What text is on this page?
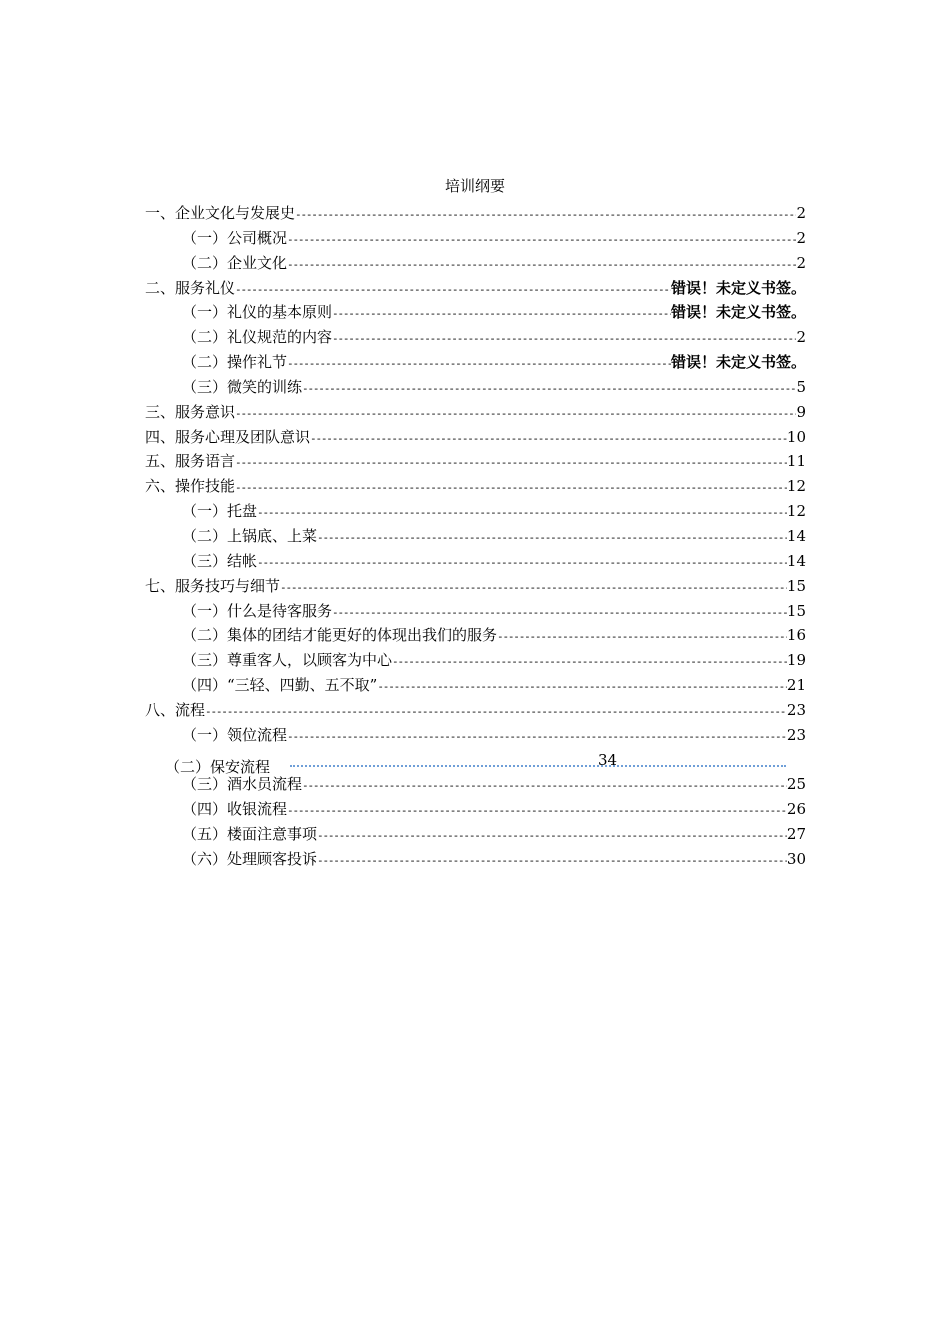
培训纲要
一、企业文化与发展史 -----	2
（一）公司概况 -----	2
（二）企业文化 -----	2
二、服务礼仪 -----	错误！未定义书签。
（一）礼仪的基本原则 -----	错误！未定义书签。
（二）礼仪规范的内容 -----	2
（二）操作礼节 -----	错误！未定义书签。
（三）微笑的训练 -----	5
三、服务意识 -----	9
四、服务心理及团队意识 -----	10
五、服务语言 -----	11
六、操作技能 -----	12
（一）托盘 -----	12
（二）上锅底、上菜 -----	14
（三）结帐 -----	14
七、服务技巧与细节 -----	15
（一）什么是待客服务 -----	15
（二）集体的团结才能更好的体现出我们的服务 -----	16
（三）尊重客人，以顾客为中心 -----	19
（四）“三轻、四勤、五不取” -----	21
八、流程 -----	23
（一）领位流程 -----	23
（二）保安流程	34
（三）酒水员流程 -----	25
（四）收银流程 -----	26
（五）楼面注意事项 -----	27
（六）处理顾客投诉 -----	30
